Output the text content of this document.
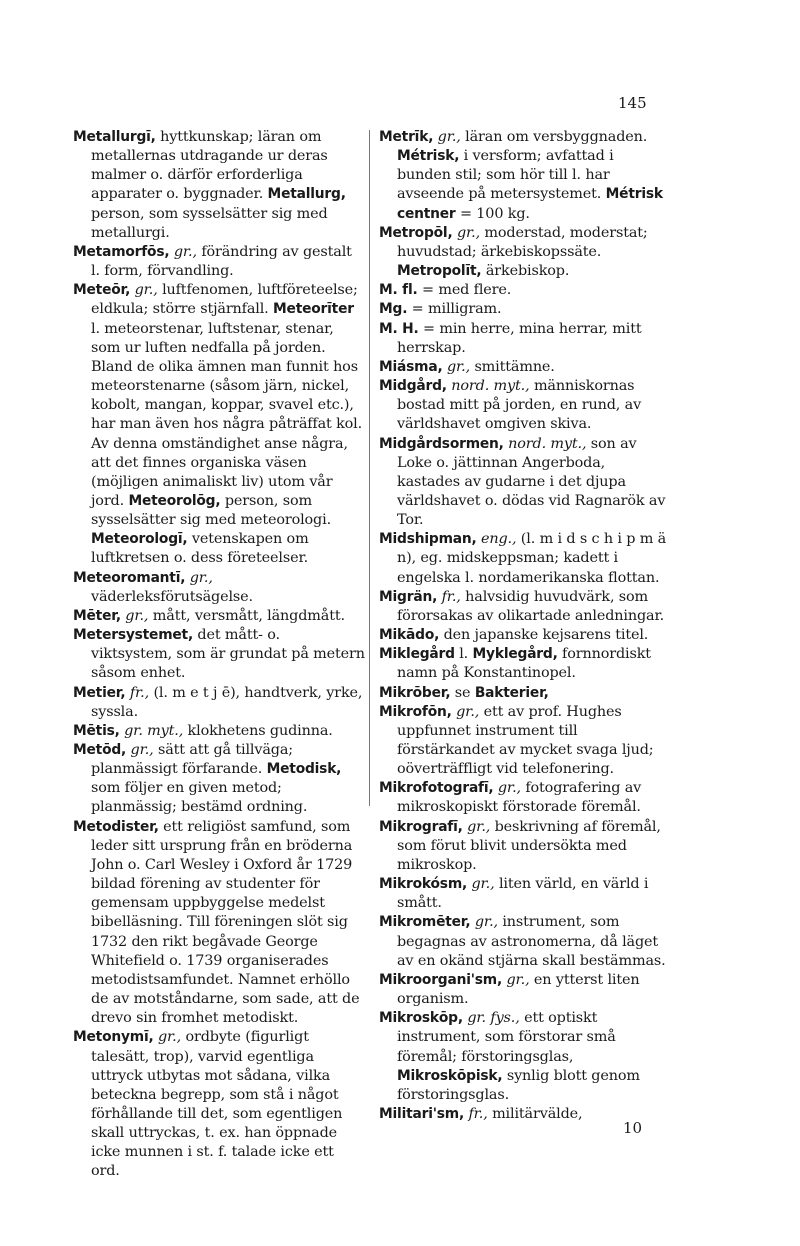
145

Metallurgī, hyttkunskap; läran om metallernas utdragande ur deras malmer o. därför erforderliga apparater o. byggnader. Metallurg, person, som sysselsätter sig med metallurgi.

Metamorfōs, gr., förändring av gestalt l. form, förvandling.

Meteōr, gr., luftfenomen, luftföreteelse; eldkula; större stjärnfall. Meteorīter l. meteorstenar, luftstenar, stenar, som ur luften nedfalla på jorden. Bland de olika ämnen man funnit hos meteorstenarne (såsom järn, nickel, kobolt, mangan, koppar, svavel etc.), har man även hos några påträffat kol. Av denna omständighet anse några, att det finnes organiska väsen (möjligen animaliskt liv) utom vår jord. Meteorolōg, person, som sysselsätter sig med meteorologi. Meteorologī, vetenskapen om luftkretsen o. dess företeelser.

Meteoromantī, gr., väderleksförutsägelse.

Mēter, gr., mått, versmått, längdmått.

Metersystemet, det mått- o. viktsystem, som är grundat på metern såsom enhet.

Metier, fr., (l. m e t j ē), handtverk, yrke, syssla.

Mētis, gr. myt., klokhetens gudinna.

Metōd, gr., sätt att gå tillväga; planmässigt förfarande. Metodisk, som följer en given metod; planmässig; bestämd ordning.

Metodister, ett religiöst samfund, som leder sitt ursprung från en bröderna John o. Carl Wesley i Oxford år 1729 bildad förening av studenter för gemensam uppbyggelse medelst bibelläsning. Till föreningen slöt sig 1732 den rikt begåvade George Whitefield o. 1739 organiserades metodistsamfundet. Namnet erhöllo de av motståndarne, som sade, att de drevo sin fromhet metodiskt.

Metonymī, gr., ordbyte (figurligt talesätt, trop), varvid egentliga uttryck utbytas mot sådana, vilka beteckna begrepp, som stå i något förhållande till det, som egentligen skall uttryckas, t. ex. han öppnade icke munnen i st. f. talade icke ett ord.

Metrīk, gr., läran om versbyggnaden. Métrisk, i versform; avfattad i bunden stil; som hör till l. har avseende på metersystemet. Métrisk centner = 100 kg.

Metropōl, gr., moderstad, moderstat; huvudstad; ärkebiskopssäte. Metropolīt, ärkebiskop.

M. fl. = med flere.

Mg. = milligram.

M. H. = min herre, mina herrar, mitt herrskap.

Miásma, gr., smittämne.

Midgård, nord. myt., människornas bostad mitt på jorden, en rund, av världshavet omgiven skiva.

Midgårdsormen, nord. myt., son av Loke o. jättinnan Angerboda, kastades av gudarne i det djupa världshavet o. dödas vid Ragnarök av Tor.

Midshipman, eng., (l. m i d s c h i p m ä n), eg. midskeppsman; kadett i engelska l. nordamerikanska flottan.

Migrän, fr., halvsidig huvudvärk, som förorsakas av olikartade anledningar.

Mikādo, den japanske kejsarens titel.

Miklegård l. Myklegård, fornnordiskt namn på Konstantinopel.

Mikrōber, se Bakterier,

Mikrofōn, gr., ett av prof. Hughes uppfunnet instrument till förstärkandet av mycket svaga ljud; oöverträffligt vid telefonering.

Mikrofotografī, gr., fotografering av mikroskopiskt förstorade föremål.

Mikrografī, gr., beskrivning af föremål, som förut blivit undersökta med mikroskop.

Mikrokósm, gr., liten värld, en värld i smått.

Mikromēter, gr., instrument, som begagnas av astronomerna, då läget av en okänd stjärna skall bestämmas.

Mikroorgani'sm, gr., en ytterst liten organism.

Mikroskōp, gr. fys., ett optiskt instrument, som förstorar små föremål; förstoringsglas, Mikroskōpisk, synlig blott genom förstoringsglas.

Militari'sm, fr., militärvälde,

10
